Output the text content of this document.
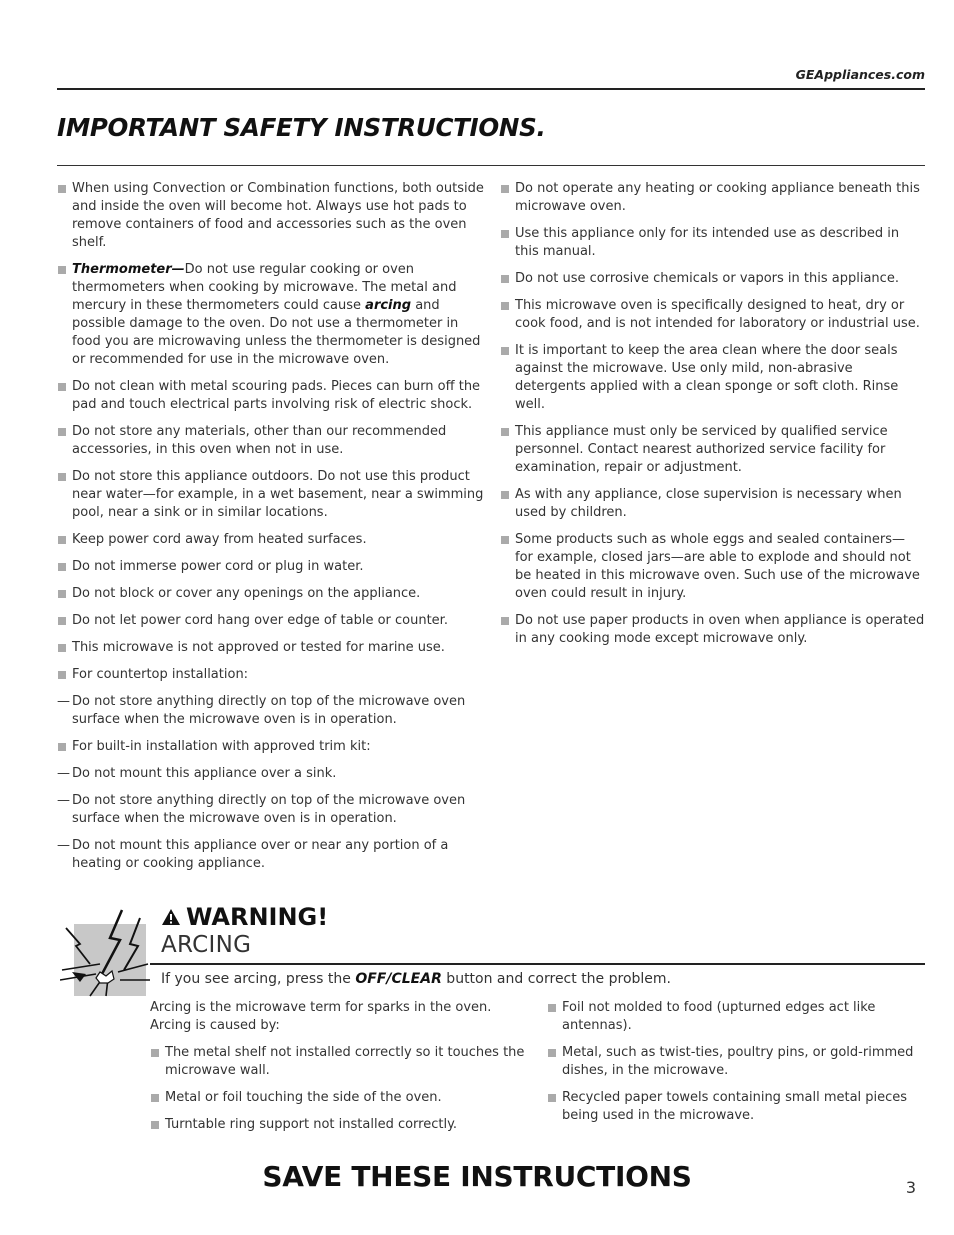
GEAppliances.com
IMPORTANT SAFETY INSTRUCTIONS.
When using Convection or Combination functions, both outside and inside the oven will become hot. Always use hot pads to remove containers of food and accessories such as the oven shelf.
Thermometer—Do not use regular cooking or oven thermometers when cooking by microwave. The metal and mercury in these thermometers could cause arcing and possible damage to the oven. Do not use a thermometer in food you are microwaving unless the thermometer is designed or recommended for use in the microwave oven.
Do not clean with metal scouring pads. Pieces can burn off the pad and touch electrical parts involving risk of electric shock.
Do not store any materials, other than our recommended accessories, in this oven when not in use.
Do not store this appliance outdoors. Do not use this product near water—for example, in a wet basement, near a swimming pool, near a sink or in similar locations.
Keep power cord away from heated surfaces.
Do not immerse power cord or plug in water.
Do not block or cover any openings on the appliance.
Do not let power cord hang over edge of table or counter.
This microwave is not approved or tested for marine use.
For countertop installation:
— Do not store anything directly on top of the microwave oven surface when the microwave oven is in operation.
For built-in installation with approved trim kit:
— Do not mount this appliance over a sink.
— Do not store anything directly on top of the microwave oven surface when the microwave oven is in operation.
— Do not mount this appliance over or near any portion of a heating or cooking appliance.
Do not operate any heating or cooking appliance beneath this microwave oven.
Use this appliance only for its intended use as described in this manual.
Do not use corrosive chemicals or vapors in this appliance.
This microwave oven is specifically designed to heat, dry or cook food, and is not intended for laboratory or industrial use.
It is important to keep the area clean where the door seals against the microwave. Use only mild, non-abrasive detergents applied with a clean sponge or soft cloth. Rinse well.
This appliance must only be serviced by qualified service personnel. Contact nearest authorized service facility for examination, repair or adjustment.
As with any appliance, close supervision is necessary when used by children.
Some products such as whole eggs and sealed containers— for example, closed jars—are able to explode and should not be heated in this microwave oven. Such use of the microwave oven could result in injury.
Do not use paper products in oven when appliance is operated in any cooking mode except microwave only.
WARNING!
ARCING
If you see arcing, press the OFF/CLEAR button and correct the problem.
Arcing is the microwave term for sparks in the oven. Arcing is caused by:
The metal shelf not installed correctly so it touches the microwave wall.
Metal or foil touching the side of the oven.
Turntable ring support not installed correctly.
Foil not molded to food (upturned edges act like antennas).
Metal, such as twist-ties, poultry pins, or gold-rimmed dishes, in the microwave.
Recycled paper towels containing small metal pieces being used in the microwave.
SAVE THESE INSTRUCTIONS	3
